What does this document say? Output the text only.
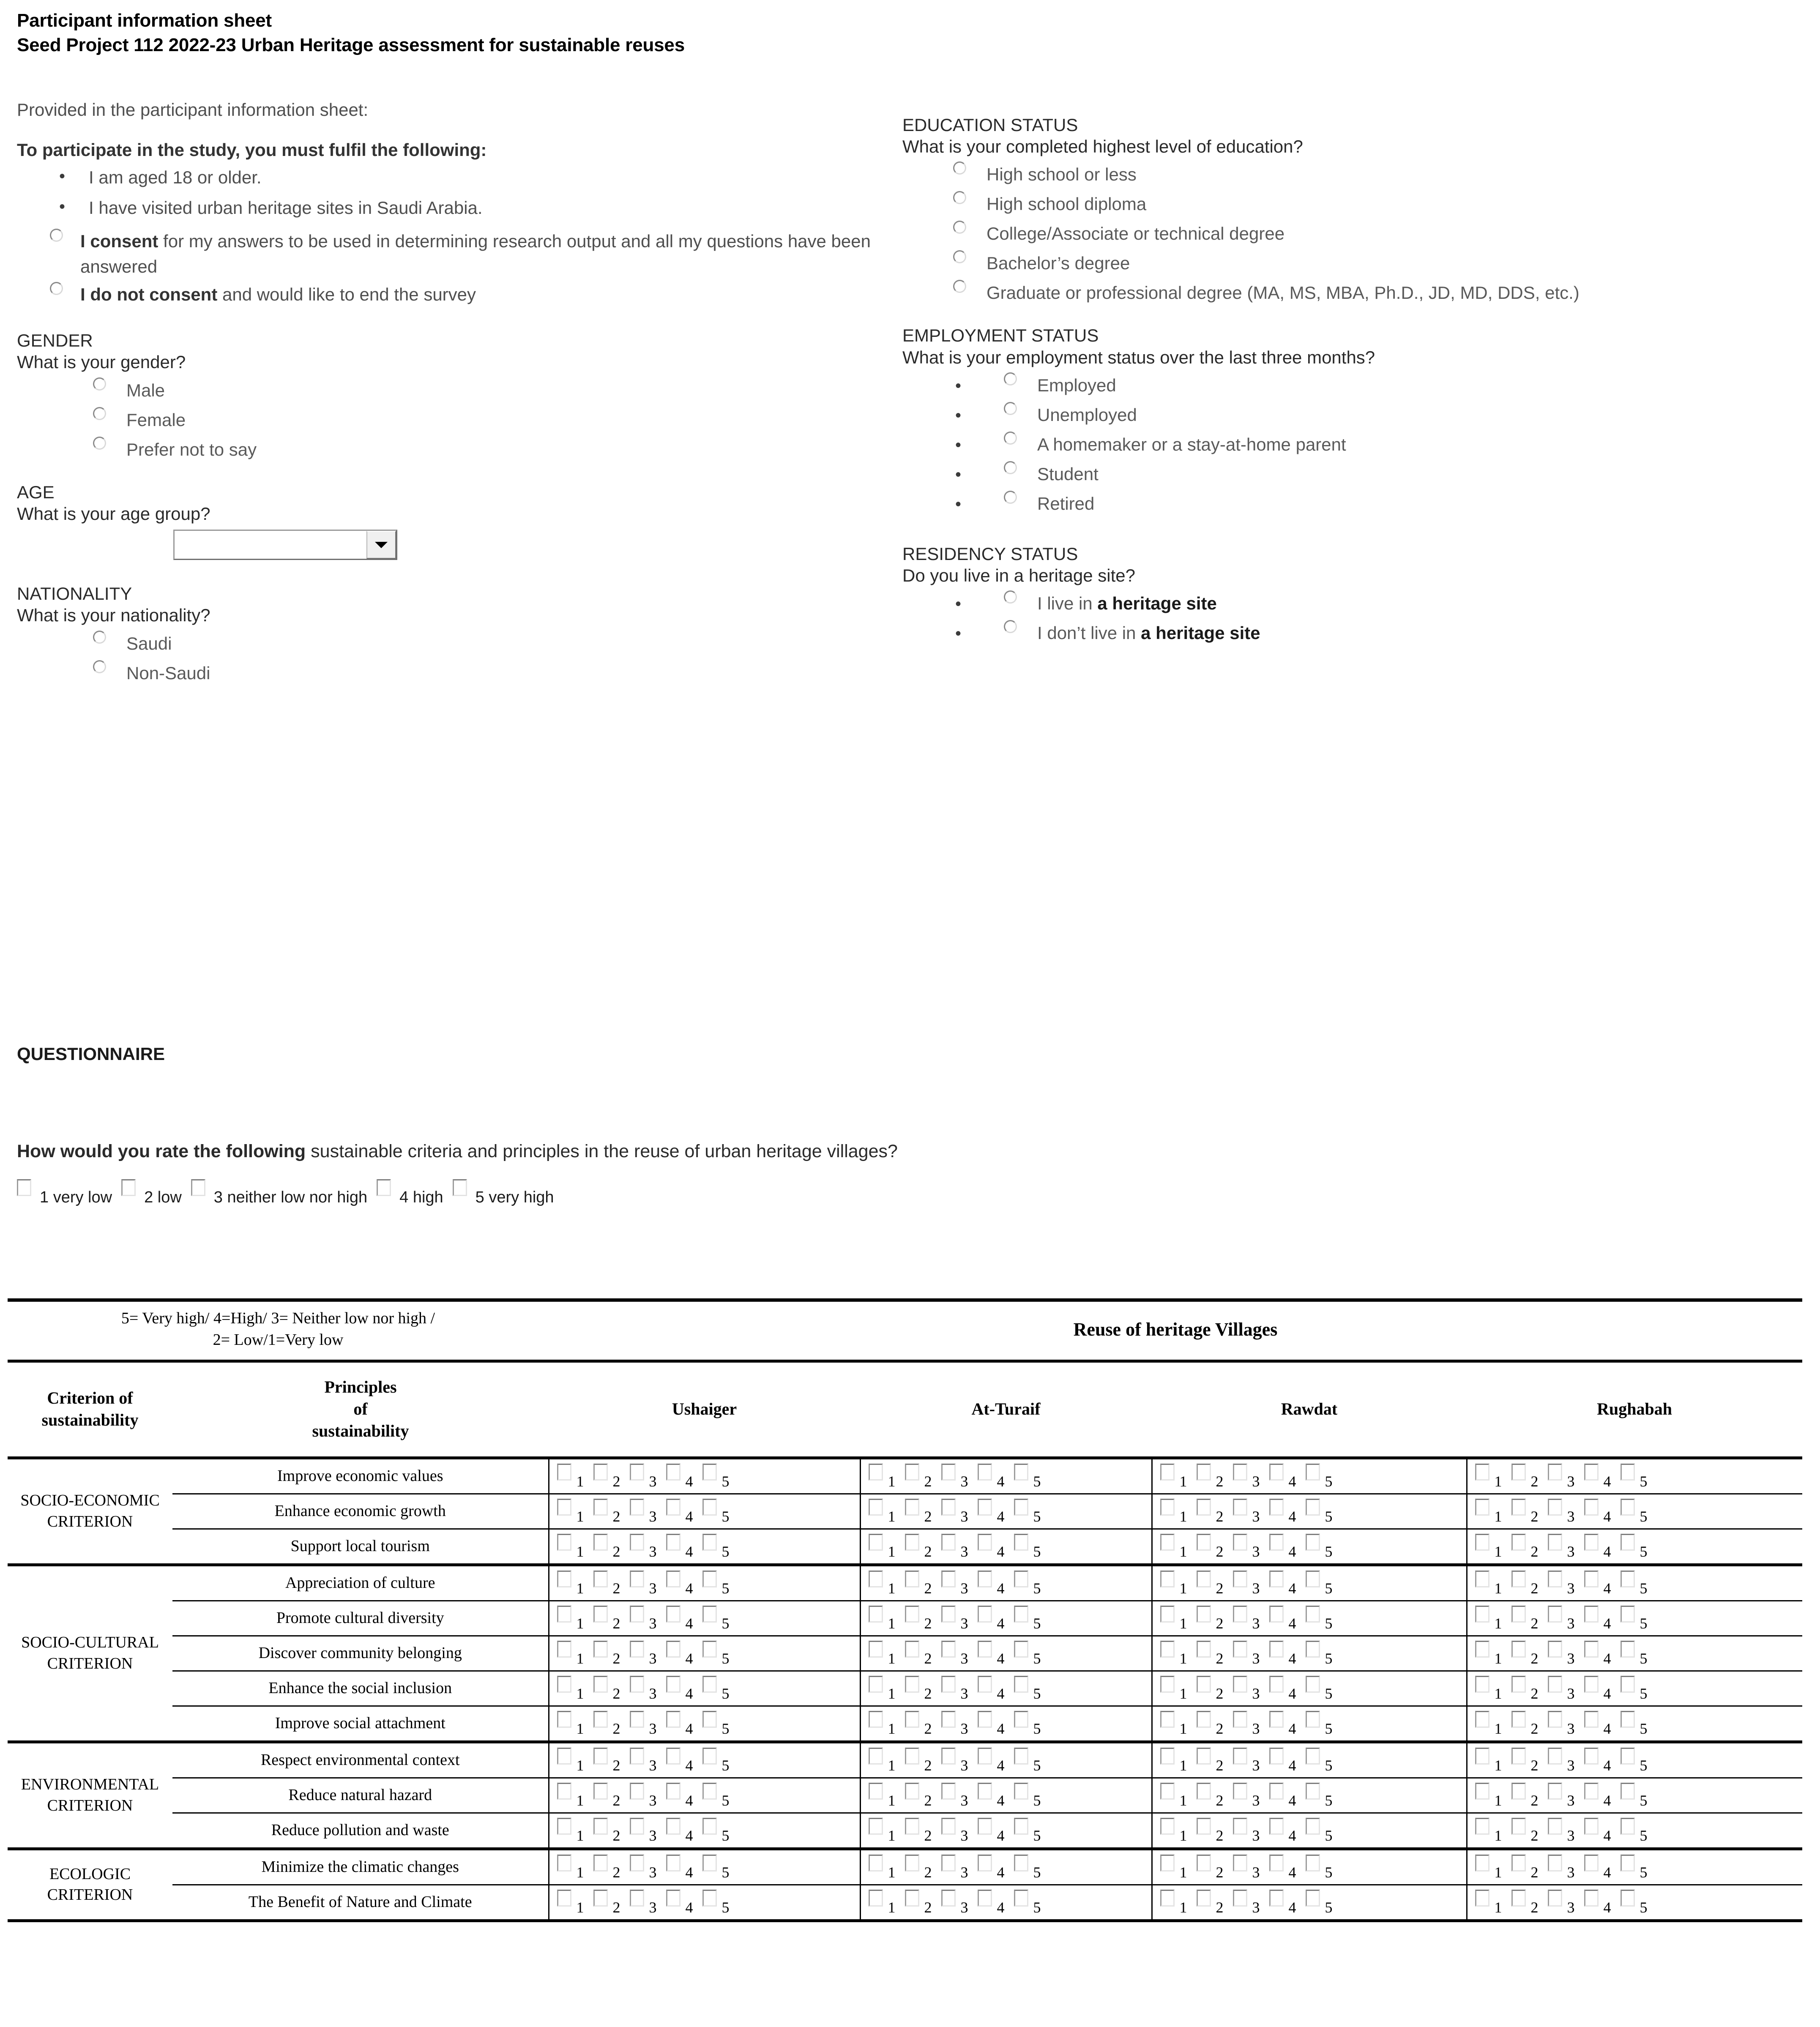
Participant information sheet
Seed Project 112 2022-23 Urban Heritage assessment for sustainable reuses

Provided in the participant information sheet:

To participate in the study, you must fulfil the following:

• I am aged 18 or older.
• I have visited urban heritage sites in Saudi Arabia.
I consent for my answers to be used in determining research output and all my questions have been answered
I do not consent and would like to end the survey

GENDER

What is your gender?

Male
Female
Prefer not to say

AGE

What is your age group?

NATIONALITY

What is your nationality?

Saudi
Non-Saudi

EDUCATION STATUS

What is your completed highest level of education?

High school or less
High school diploma
College/Associate or technical degree
Bachelor’s degree
Graduate or professional degree (MA, MS, MBA, Ph.D., JD, MD, DDS, etc.)

EMPLOYMENT STATUS

What is your employment status over the last three months?

• Employed
• Unemployed
• A homemaker or a stay-at-home parent
• Student
• Retired

RESIDENCY STATUS

Do you live in a heritage site?

• I live in a heritage site
• I don’t live in a heritage site
QUESTIONNAIRE
How would you rate the following sustainable criteria and principles in the reuse of urban heritage villages?
1 very low 2 low 3 neither low nor high 4 high 5 very high
5= Very high/ 4=High/ 3= Neither low nor high /
2= Low/1=Very low		Reuse of heritage Villages			
Criterion of
sustainability	Principles
of
sustainability	Ushaiger	At-Turaif	Rawdat	Rughabah
SOCIO-ECONOMIC
CRITERION	Improve economic values	1 2 3 4 5	1 2 3 4 5	1 2 3 4 5	1 2 3 4 5

	Enhance economic growth	1 2 3 4 5	1 2 3 4 5	1 2 3 4 5	1 2 3 4 5

	Support local tourism	1 2 3 4 5	1 2 3 4 5	1 2 3 4 5	1 2 3 4 5

SOCIO-CULTURAL
CRITERION	Appreciation of culture	1 2 3 4 5	1 2 3 4 5	1 2 3 4 5	1 2 3 4 5

	Promote cultural diversity	1 2 3 4 5	1 2 3 4 5	1 2 3 4 5	1 2 3 4 5

	Discover community belonging	1 2 3 4 5	1 2 3 4 5	1 2 3 4 5	1 2 3 4 5

	Enhance the social inclusion	1 2 3 4 5	1 2 3 4 5	1 2 3 4 5	1 2 3 4 5

	Improve social attachment	1 2 3 4 5	1 2 3 4 5	1 2 3 4 5	1 2 3 4 5

ENVIRONMENTAL
CRITERION	Respect environmental context	1 2 3 4 5	1 2 3 4 5	1 2 3 4 5	1 2 3 4 5

	Reduce natural hazard	1 2 3 4 5	1 2 3 4 5	1 2 3 4 5	1 2 3 4 5

	Reduce pollution and waste	1 2 3 4 5	1 2 3 4 5	1 2 3 4 5	1 2 3 4 5

ECOLOGIC
CRITERION	Minimize the climatic changes	1 2 3 4 5	1 2 3 4 5	1 2 3 4 5	1 2 3 4 5

	The Benefit of Nature and Climate	1 2 3 4 5	1 2 3 4 5	1 2 3 4 5	1 2 3 4 5
